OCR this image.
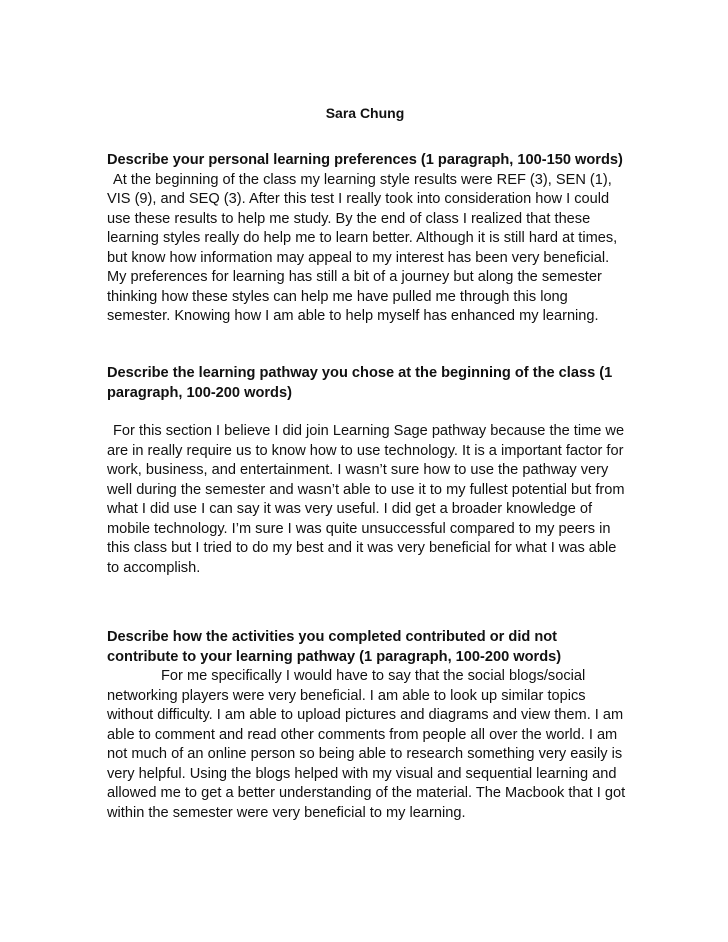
Sara Chung

Describe your personal learning preferences (1 paragraph, 100-150 words)

At the beginning of the class my learning style results were REF (3), SEN (1), VIS (9), and SEQ (3). After this test I really took into consideration how I could use these results to help me study. By the end of class I realized that these learning styles really do help me to learn better. Although it is still hard at times, but know how information may appeal to my interest has been very beneficial. My preferences for learning has still a bit of a journey but along the semester thinking how these styles can help me have pulled me through this long semester. Knowing how I am able to help myself has enhanced my learning.

Describe the learning pathway you chose at the beginning of the class (1 paragraph, 100-200 words)

For this section I believe I did join Learning Sage pathway because the time we are in really require us to know how to use technology. It is a important factor for work, business, and entertainment. I wasn’t sure how to use the pathway very well during the semester and wasn’t able to use it to my fullest potential but from what I did use I can say it was very useful. I did get a broader knowledge of mobile technology. I’m sure I was quite unsuccessful compared to my peers in this class but I tried to do my best and it was very beneficial for what I was able to accomplish.

Describe how the activities you completed contributed or did not contribute to your learning pathway (1 paragraph, 100-200 words)

For me specifically I would have to say that the social blogs/social networking players were very beneficial. I am able to look up similar topics without difficulty. I am able to upload pictures and diagrams and view them. I am able to comment and read other comments from people all over the world. I am not much of an online person so being able to research something very easily is very helpful. Using the blogs helped with my visual and sequential learning and allowed me to get a better understanding of the material. The Macbook that I got within the semester were very beneficial to my learning.
